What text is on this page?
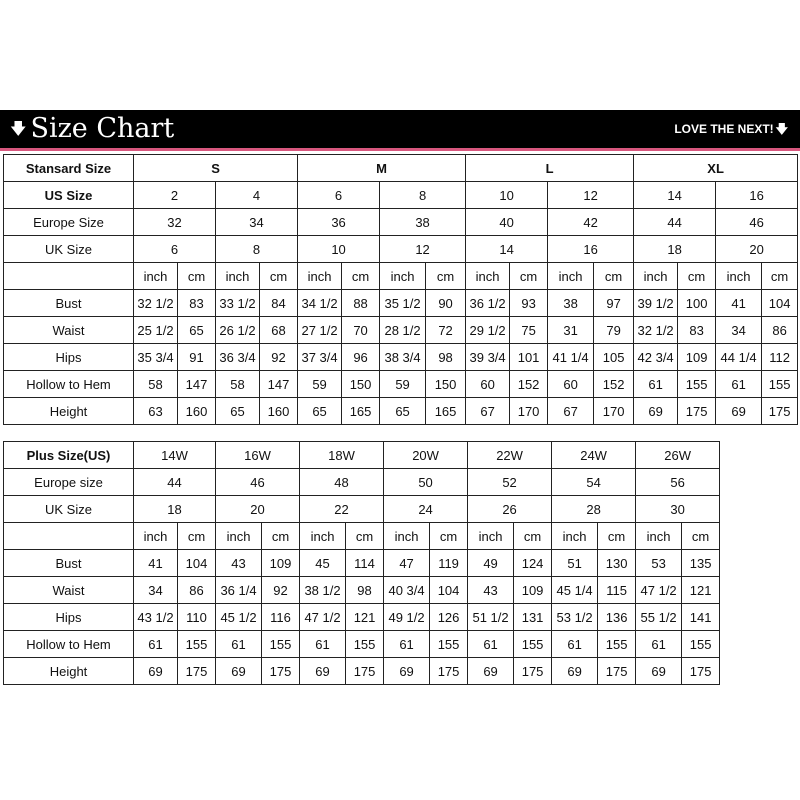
🡇 Size Chart	LOVE THE NEXT! 🡇
Stansard Size	S				M				L				XL			
US Size	2		4		6		8		10		12		14		16	
Europe Size	32		34		36		38		40		42		44		46	
UK Size	6		8		10		12		14		16		18		20	
	inch	cm	inch	cm	inch	cm	inch	cm	inch	cm	inch	cm	inch	cm	inch	cm
Bust	32 1/2	83	33 1/2	84	34 1/2	88	35 1/2	90	36 1/2	93	38	97	39 1/2	100	41	104
Waist	25 1/2	65	26 1/2	68	27 1/2	70	28 1/2	72	29 1/2	75	31	79	32 1/2	83	34	86
Hips	35 3/4	91	36 3/4	92	37 3/4	96	38 3/4	98	39 3/4	101	41 1/4	105	42 3/4	109	44 1/4	112
Hollow to Hem	58	147	58	147	59	150	59	150	60	152	60	152	61	155	61	155
Height	63	160	65	160	65	165	65	165	67	170	67	170	69	175	69	175
Plus Size(US)	14W		16W		18W		20W		22W		24W		26W		
Europe size	44		46		48		50		52		54		56		
UK Size	18		20		22		24		26		28		30		
	inch	cm	inch	cm	inch	cm	inch	cm	inch	cm	inch	cm	inch	cm	
Bust	41	104	43	109	45	114	47	119	49	124	51	130	53	135	
Waist	34	86	36 1/4	92	38 1/2	98	40 3/4	104	43	109	45 1/4	115	47 1/2	121	
Hips	43 1/2	110	45 1/2	116	47 1/2	121	49 1/2	126	51 1/2	131	53 1/2	136	55 1/2	141	
Hollow to Hem	61	155	61	155	61	155	61	155	61	155	61	155	61	155	
Height	69	175	69	175	69	175	69	175	69	175	69	175	69	175	
